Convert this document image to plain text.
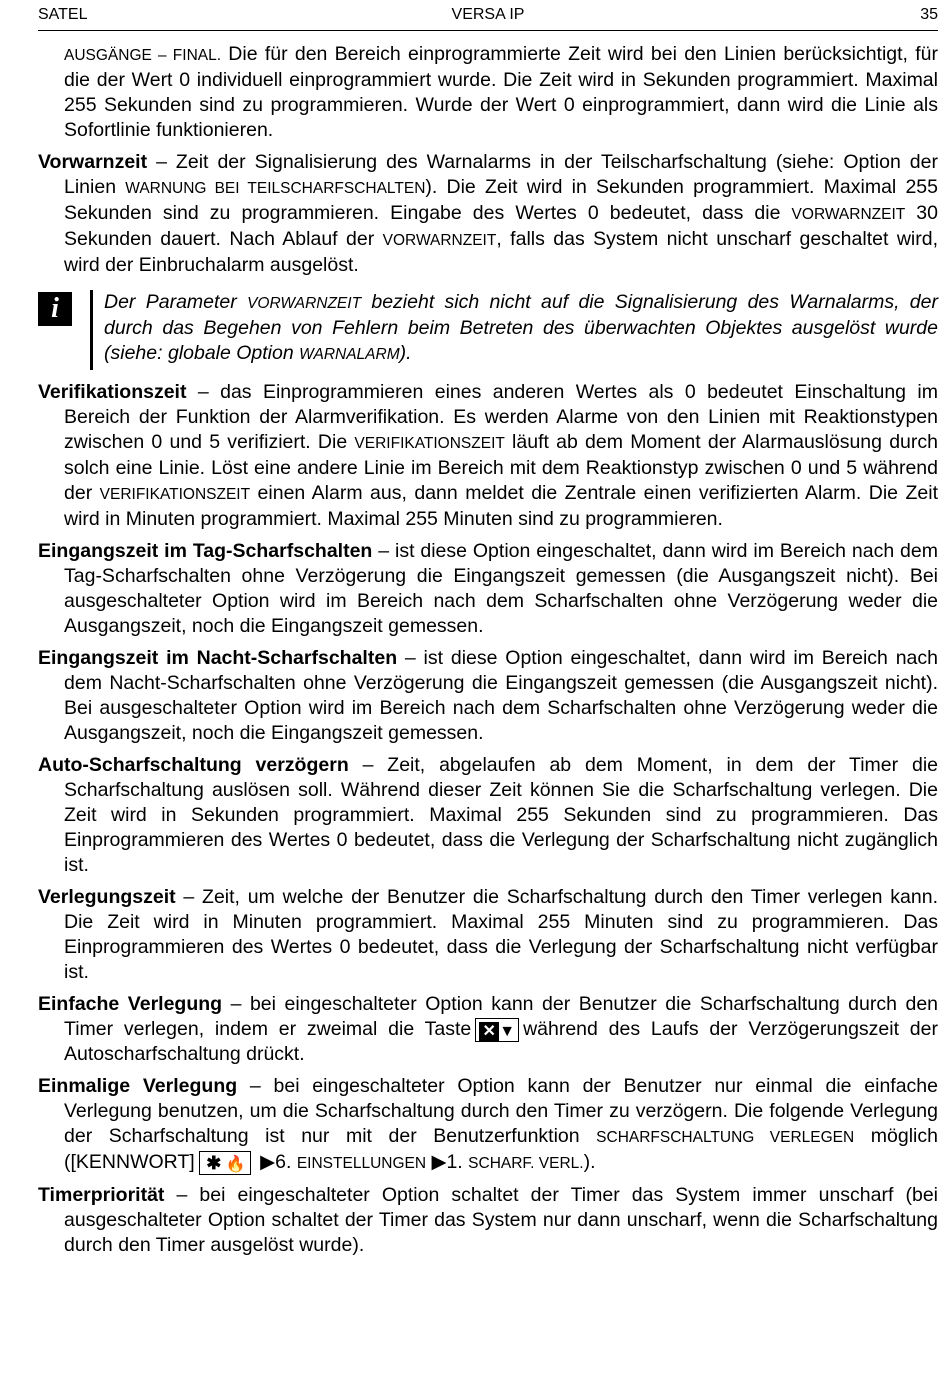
SATEL	VERSA IP	35

AUSGÄNGE – FINAL. Die für den Bereich einprogrammierte Zeit wird bei den Linien berücksichtigt, für die der Wert 0 individuell einprogrammiert wurde. Die Zeit wird in Sekunden programmiert. Maximal 255 Sekunden sind zu programmieren. Wurde der Wert 0 einprogrammiert, dann wird die Linie als Sofortlinie funktionieren.

Vorwarnzeit – Zeit der Signalisierung des Warnalarms in der Teilscharfschaltung (siehe: Option der Linien WARNUNG BEI TEILSCHARFSCHALTEN). Die Zeit wird in Sekunden programmiert. Maximal 255 Sekunden sind zu programmieren. Eingabe des Wertes 0 bedeutet, dass die VORWARNZEIT 30 Sekunden dauert. Nach Ablauf der VORWARNZEIT, falls das System nicht unscharf geschaltet wird, wird der Einbruchalarm ausgelöst.

i	Der Parameter VORWARNZEIT bezieht sich nicht auf die Signalisierung des Warnalarms, der durch das Begehen von Fehlern beim Betreten des überwachten Objektes ausgelöst wurde (siehe: globale Option WARNALARM).

Verifikationszeit – das Einprogrammieren eines anderen Wertes als 0 bedeutet Einschaltung im Bereich der Funktion der Alarmverifikation. Es werden Alarme von den Linien mit Reaktionstypen zwischen 0 und 5 verifiziert. Die VERIFIKATIONSZEIT läuft ab dem Moment der Alarmauslösung durch solch eine Linie. Löst eine andere Linie im Bereich mit dem Reaktionstyp zwischen 0 und 5 während der VERIFIKATIONSZEIT einen Alarm aus, dann meldet die Zentrale einen verifizierten Alarm. Die Zeit wird in Minuten programmiert. Maximal 255 Minuten sind zu programmieren.

Eingangszeit im Tag-Scharfschalten – ist diese Option eingeschaltet, dann wird im Bereich nach dem Tag-Scharfschalten ohne Verzögerung die Eingangszeit gemessen (die Ausgangszeit nicht). Bei ausgeschalteter Option wird im Bereich nach dem Scharfschalten ohne Verzögerung weder die Ausgangszeit, noch die Eingangszeit gemessen.

Eingangszeit im Nacht-Scharfschalten – ist diese Option eingeschaltet, dann wird im Bereich nach dem Nacht-Scharfschalten ohne Verzögerung die Eingangszeit gemessen (die Ausgangszeit nicht). Bei ausgeschalteter Option wird im Bereich nach dem Scharfschalten ohne Verzögerung weder die Ausgangszeit, noch die Eingangszeit gemessen.

Auto-Scharfschaltung verzögern – Zeit, abgelaufen ab dem Moment, in dem der Timer die Scharfschaltung auslösen soll. Während dieser Zeit können Sie die Scharfschaltung verlegen. Die Zeit wird in Sekunden programmiert. Maximal 255 Sekunden sind zu programmieren. Das Einprogrammieren des Wertes 0 bedeutet, dass die Verlegung der Scharfschaltung nicht zugänglich ist.

Verlegungszeit – Zeit, um welche der Benutzer die Scharfschaltung durch den Timer verlegen kann. Die Zeit wird in Minuten programmiert. Maximal 255 Minuten sind zu programmieren. Das Einprogrammieren des Wertes 0 bedeutet, dass die Verlegung der Scharfschaltung nicht verfügbar ist.

Einfache Verlegung – bei eingeschalteter Option kann der Benutzer die Scharfschaltung durch den Timer verlegen, indem er zweimal die Taste ✕ ▼ während des Laufs der Verzögerungszeit der Autoscharfschaltung drückt.

Einmalige Verlegung – bei eingeschalteter Option kann der Benutzer nur einmal die einfache Verlegung benutzen, um die Scharfschaltung durch den Timer zu verzögern. Die folgende Verlegung der Scharfschaltung ist nur mit der Benutzerfunktion SCHARFSCHALTUNG VERLEGEN möglich ([KENNWORT] ✱ 🔥 ▶6. EINSTELLUNGEN ▶1. SCHARF. VERL.).

Timerpriorität – bei eingeschalteter Option schaltet der Timer das System immer unscharf (bei ausgeschalteter Option schaltet der Timer das System nur dann unscharf, wenn die Scharfschaltung durch den Timer ausgelöst wurde).
